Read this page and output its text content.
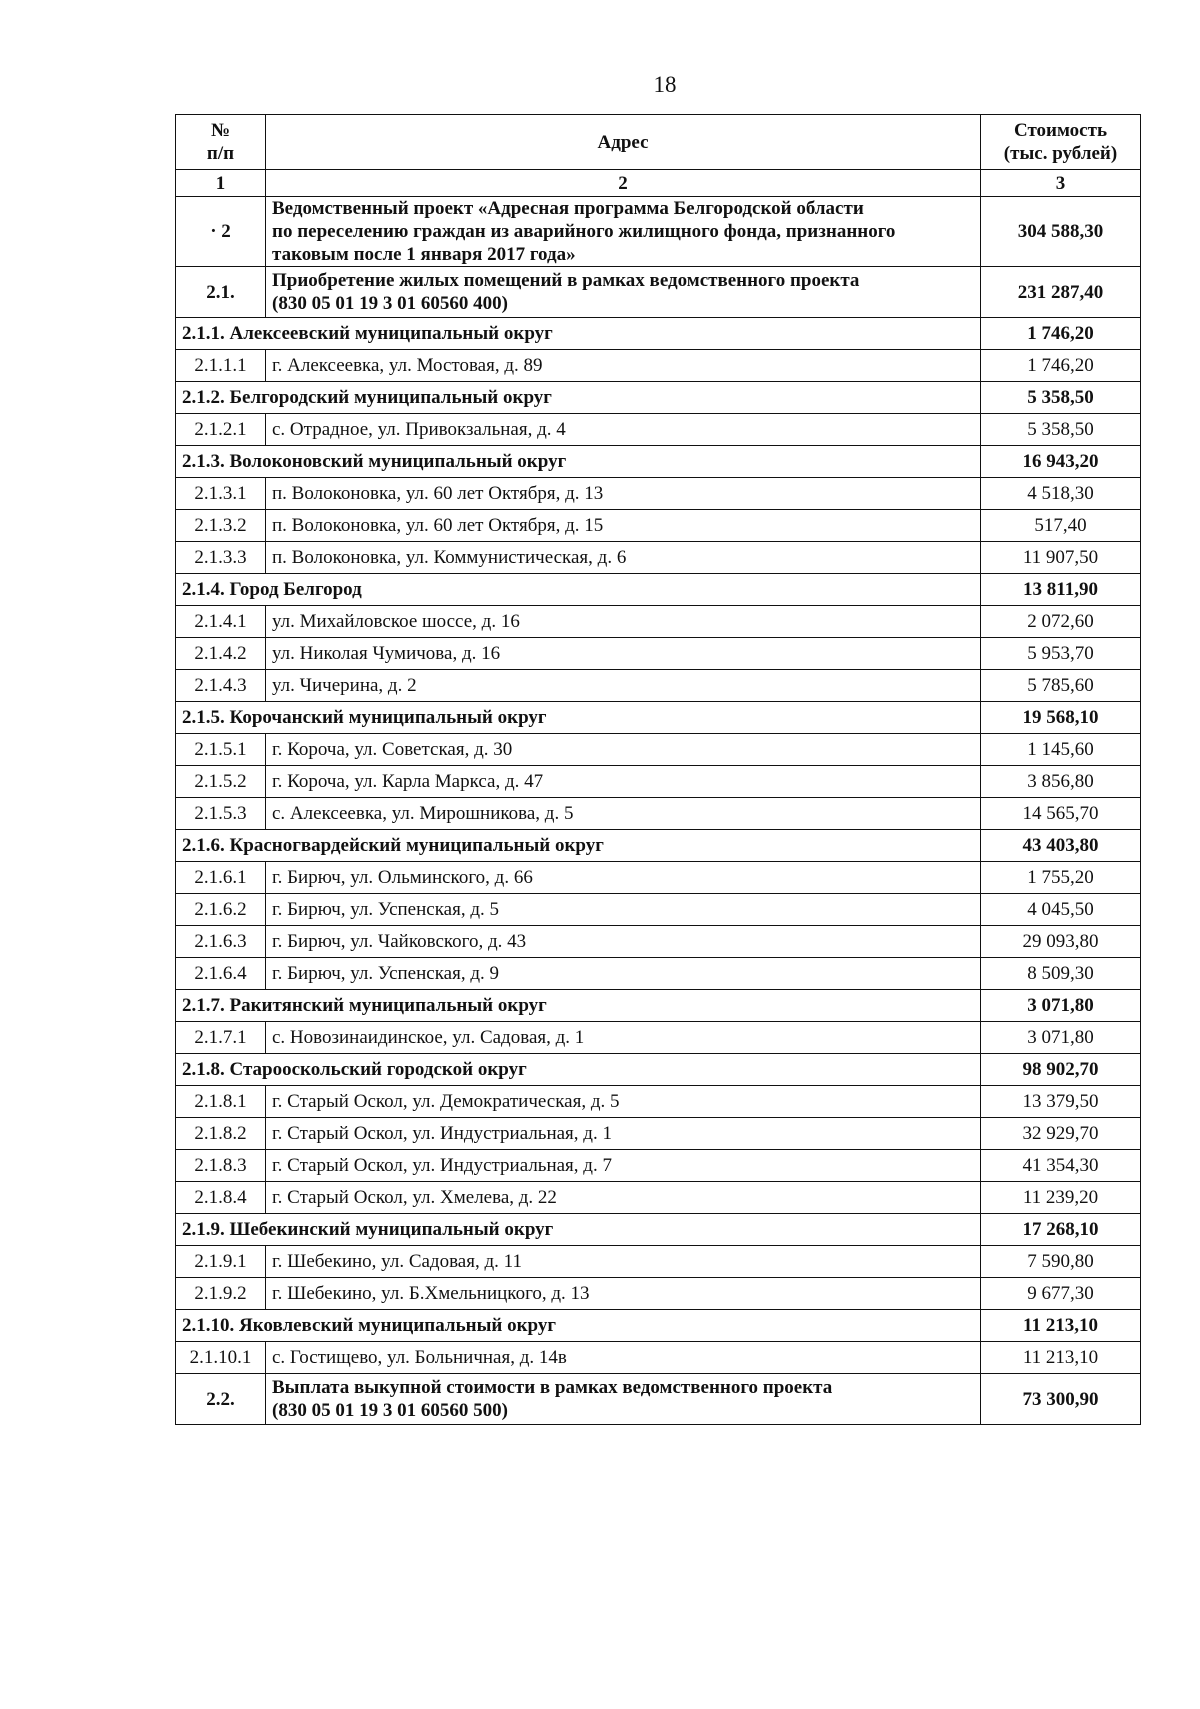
18
№
п/п	Адрес	Стоимость
(тыс. рублей)
1	2	3
· 2	Ведомственный проект «Адресная программа Белгородской области
по переселению граждан из аварийного жилищного фонда, признанного
таковым после 1 января 2017 года»	304 588,30
2.1.	Приобретение жилых помещений в рамках ведомственного проекта
(830 05 01 19 3 01 60560 400)	231 287,40
2.1.1. Алексеевский муниципальный округ		1 746,20
2.1.1.1	г. Алексеевка, ул. Мостовая, д. 89	1 746,20
2.1.2. Белгородский муниципальный округ		5 358,50
2.1.2.1	с. Отрадное, ул. Привокзальная, д. 4	5 358,50
2.1.3. Волоконовский муниципальный округ		16 943,20
2.1.3.1	п. Волоконовка, ул. 60 лет Октября, д. 13	4 518,30
2.1.3.2	п. Волоконовка, ул. 60 лет Октября, д. 15	517,40
2.1.3.3	п. Волоконовка, ул. Коммунистическая, д. 6	11 907,50
2.1.4. Город Белгород		13 811,90
2.1.4.1	ул. Михайловское шоссе, д. 16	2 072,60
2.1.4.2	ул. Николая Чумичова, д. 16	5 953,70
2.1.4.3	ул. Чичерина, д. 2	5 785,60
2.1.5. Корочанский муниципальный округ		19 568,10
2.1.5.1	г. Короча, ул. Советская, д. 30	1 145,60
2.1.5.2	г. Короча, ул. Карла Маркса, д. 47	3 856,80
2.1.5.3	с. Алексеевка, ул. Мирошникова, д. 5	14 565,70
2.1.6. Красногвардейский муниципальный округ		43 403,80
2.1.6.1	г. Бирюч, ул. Ольминского, д. 66	1 755,20
2.1.6.2	г. Бирюч, ул. Успенская, д. 5	4 045,50
2.1.6.3	г. Бирюч, ул. Чайковского, д. 43	29 093,80
2.1.6.4	г. Бирюч, ул. Успенская, д. 9	8 509,30
2.1.7. Ракитянский муниципальный округ		3 071,80
2.1.7.1	с. Новозинаидинское, ул. Садовая, д. 1	3 071,80
2.1.8. Старооскольский городской округ		98 902,70
2.1.8.1	г. Старый Оскол, ул. Демократическая, д. 5	13 379,50
2.1.8.2	г. Старый Оскол, ул. Индустриальная, д. 1	32 929,70
2.1.8.3	г. Старый Оскол, ул. Индустриальная, д. 7	41 354,30
2.1.8.4	г. Старый Оскол, ул. Хмелева, д. 22	11 239,20
2.1.9. Шебекинский муниципальный округ		17 268,10
2.1.9.1	г. Шебекино, ул. Садовая, д. 11	7 590,80
2.1.9.2	г. Шебекино, ул. Б.Хмельницкого, д. 13	9 677,30
2.1.10. Яковлевский муниципальный округ		11 213,10
2.1.10.1	с. Гостищево, ул. Больничная, д. 14в	11 213,10
2.2.	Выплата выкупной стоимости в рамках ведомственного проекта
(830 05 01 19 3 01 60560 500)	73 300,90
